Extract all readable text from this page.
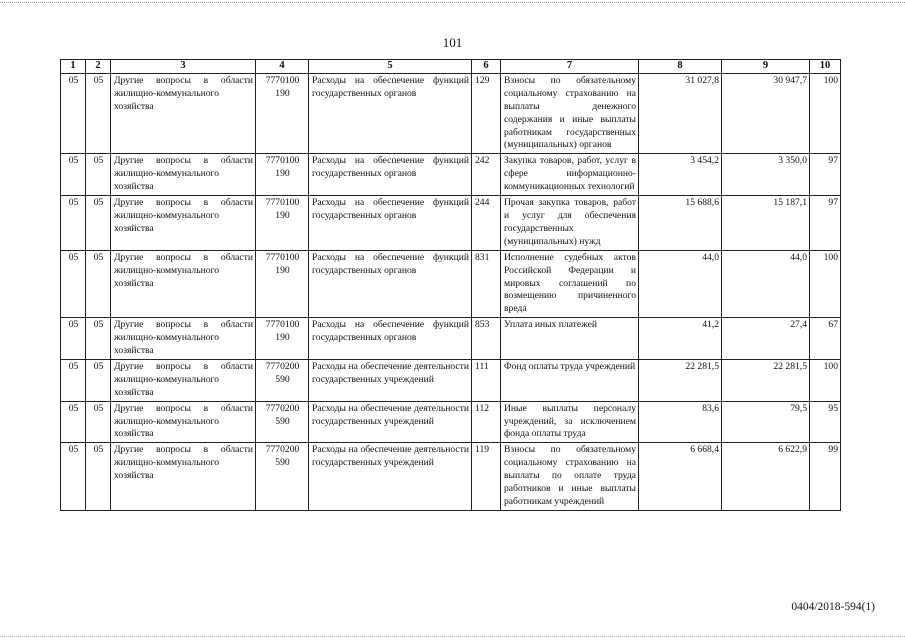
101
1	2	3	4	5	6	7	8	9	10
05	05	Другие вопросы в области жилищно-коммунального хозяйства	7770100 190	Расходы на обеспечение функций государственных органов	129	Взносы по обязательному социальному страхованию на выплаты денежного содержания и иные выплаты работникам государственных (муниципальных) органов	31 027,8	30 947,7	100
05	05	Другие вопросы в области жилищно-коммунального хозяйства	7770100 190	Расходы на обеспечение функций государственных органов	242	Закупка товаров, работ, услуг в сфере информационно-коммуникационных технологий	3 454,2	3 350,0	97
05	05	Другие вопросы в области жилищно-коммунального хозяйства	7770100 190	Расходы на обеспечение функций государственных органов	244	Прочая закупка товаров, работ и услуг для обеспечения государственных (муниципальных) нужд	15 688,6	15 187,1	97
05	05	Другие вопросы в области жилищно-коммунального хозяйства	7770100 190	Расходы на обеспечение функций государственных органов	831	Исполнение судебных актов Российской Федерации и мировых соглашений по возмещению причиненного вреда	44,0	44,0	100
05	05	Другие вопросы в области жилищно-коммунального хозяйства	7770100 190	Расходы на обеспечение функций государственных органов	853	Уплата иных платежей	41,2	27,4	67
05	05	Другие вопросы в области жилищно-коммунального хозяйства	7770200 590	Расходы на обеспечение деятельности государственных учреждений	111	Фонд оплаты труда учреждений	22 281,5	22 281,5	100
05	05	Другие вопросы в области жилищно-коммунального хозяйства	7770200 590	Расходы на обеспечение деятельности государственных учреждений	112	Иные выплаты персоналу учреждений, за исключением фонда оплаты труда	83,6	79,5	95
05	05	Другие вопросы в области жилищно-коммунального хозяйства	7770200 590	Расходы на обеспечение деятельности государственных учреждений	119	Взносы по обязательному социальному страхованию на выплаты по оплате труда работников и иные выплаты работникам учреждений	6 668,4	6 622,9	99
0404/2018-594(1)
